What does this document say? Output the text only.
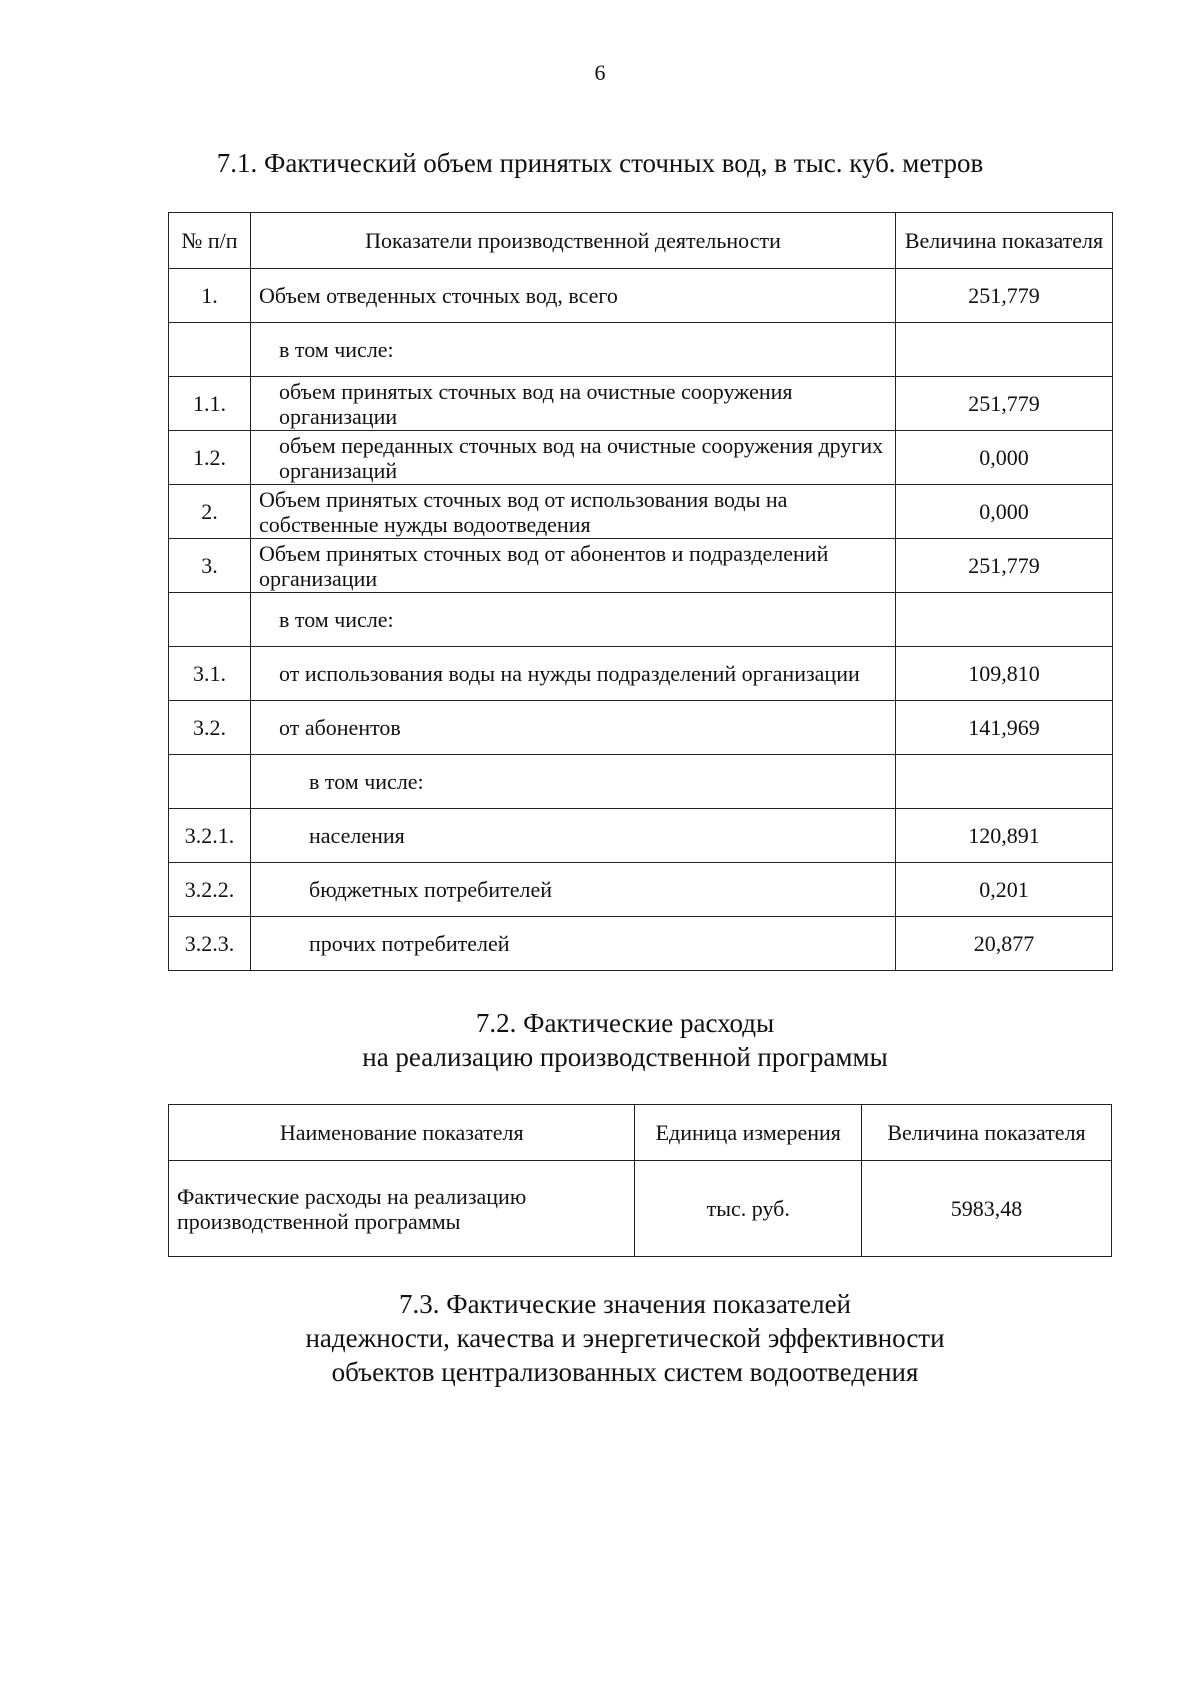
6
7.1. Фактический объем принятых сточных вод, в тыс. куб. метров
№ п/п	Показатели производственной деятельности	Величина показателя
1.	Объем отведенных сточных вод, всего	251,779
	в том числе:	
1.1.	объем принятых сточных вод на очистные сооружения организации	251,779
1.2.	объем переданных сточных вод на очистные сооружения других организаций	0,000
2.	Объем принятых сточных вод от использования воды на собственные нужды водоотведения	0,000
3.	Объем принятых сточных вод от абонентов и подразделений организации	251,779
	в том числе:	
3.1.	от использования воды на нужды подразделений организации	109,810
3.2.	от абонентов	141,969
	в том числе:	
3.2.1.	населения	120,891
3.2.2.	бюджетных потребителей	0,201
3.2.3.	прочих потребителей	20,877
7.2. Фактические расходы
на реализацию производственной программы
Наименование показателя	Единица измерения	Величина показателя
Фактические расходы на реализацию производственной программы	тыс. руб.	5983,48
7.3. Фактические значения показателей
надежности, качества и энергетической эффективности
объектов централизованных систем водоотведения
